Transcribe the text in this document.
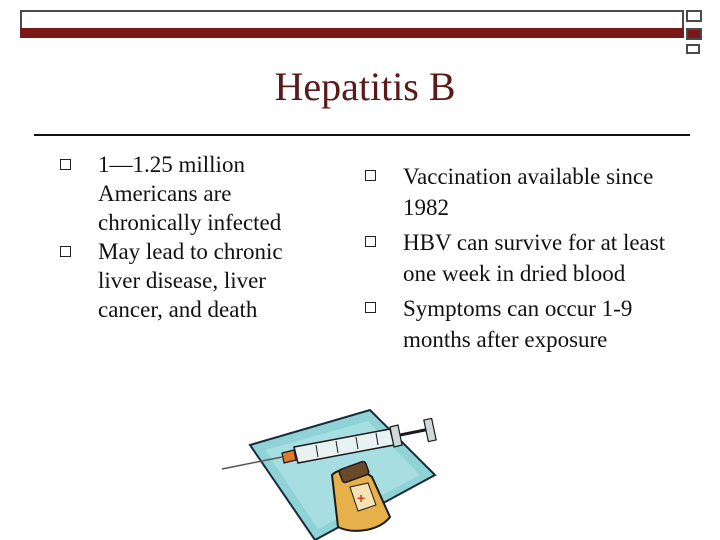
Hepatitis B
1—1.25 million Americans are chronically infected
May lead to chronic liver disease, liver cancer, and death
Vaccination available since 1982
HBV can survive for at least one week in dried blood
Symptoms can occur 1-9 months after exposure
+
